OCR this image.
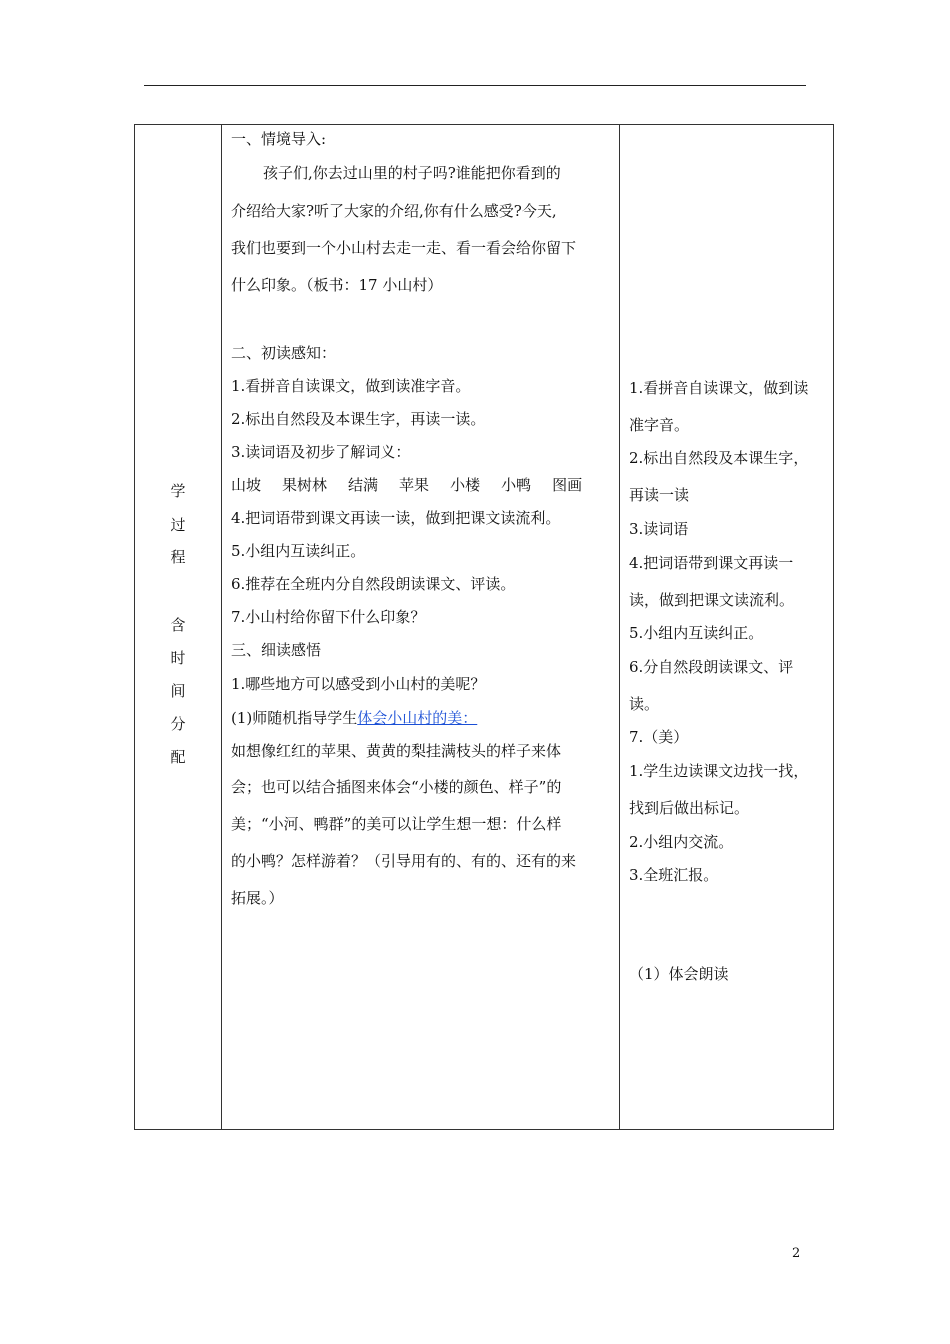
学
过
程
含
时
间
分
配
一、情境导入:
孩子们,你去过山里的村子吗?谁能把你看到的
介绍给大家?听了大家的介绍,你有什么感受?今天,
我们也要到一个小山村去走一走、看一看会给你留下
什么印象。（板书：17 小山村）
二、初读感知：
1.看拼音自读课文，做到读准字音。
2.标出自然段及本课生字，再读一读。
3.读词语及初步了解词义：
山坡 果树林 结满 苹果 小楼 小鸭 图画
4.把词语带到课文再读一读，做到把课文读流利。
5.小组内互读纠正。
6.推荐在全班内分自然段朗读课文、评读。
7.小山村给你留下什么印象？
三、细读感悟
1.哪些地方可以感受到小山村的美呢？
(1)师随机指导学生体会小山村的美：
如想像红红的苹果、黄黄的梨挂满枝头的样子来体
会；也可以结合插图来体会“小楼的颜色、样子”的
美；“小河、鸭群”的美可以让学生想一想：什么样
的小鸭？怎样游着？（引导用有的、有的、还有的来
拓展。）
1.看拼音自读课文，做到读
准字音。
2.标出自然段及本课生字，
再读一读
3.读词语
4.把词语带到课文再读一
读，做到把课文读流利。
5.小组内互读纠正。
6.分自然段朗读课文、评
读。
7.（美）
1.学生边读课文边找一找，
找到后做出标记。
2.小组内交流。
3.全班汇报。
（1）体会朗读
2
